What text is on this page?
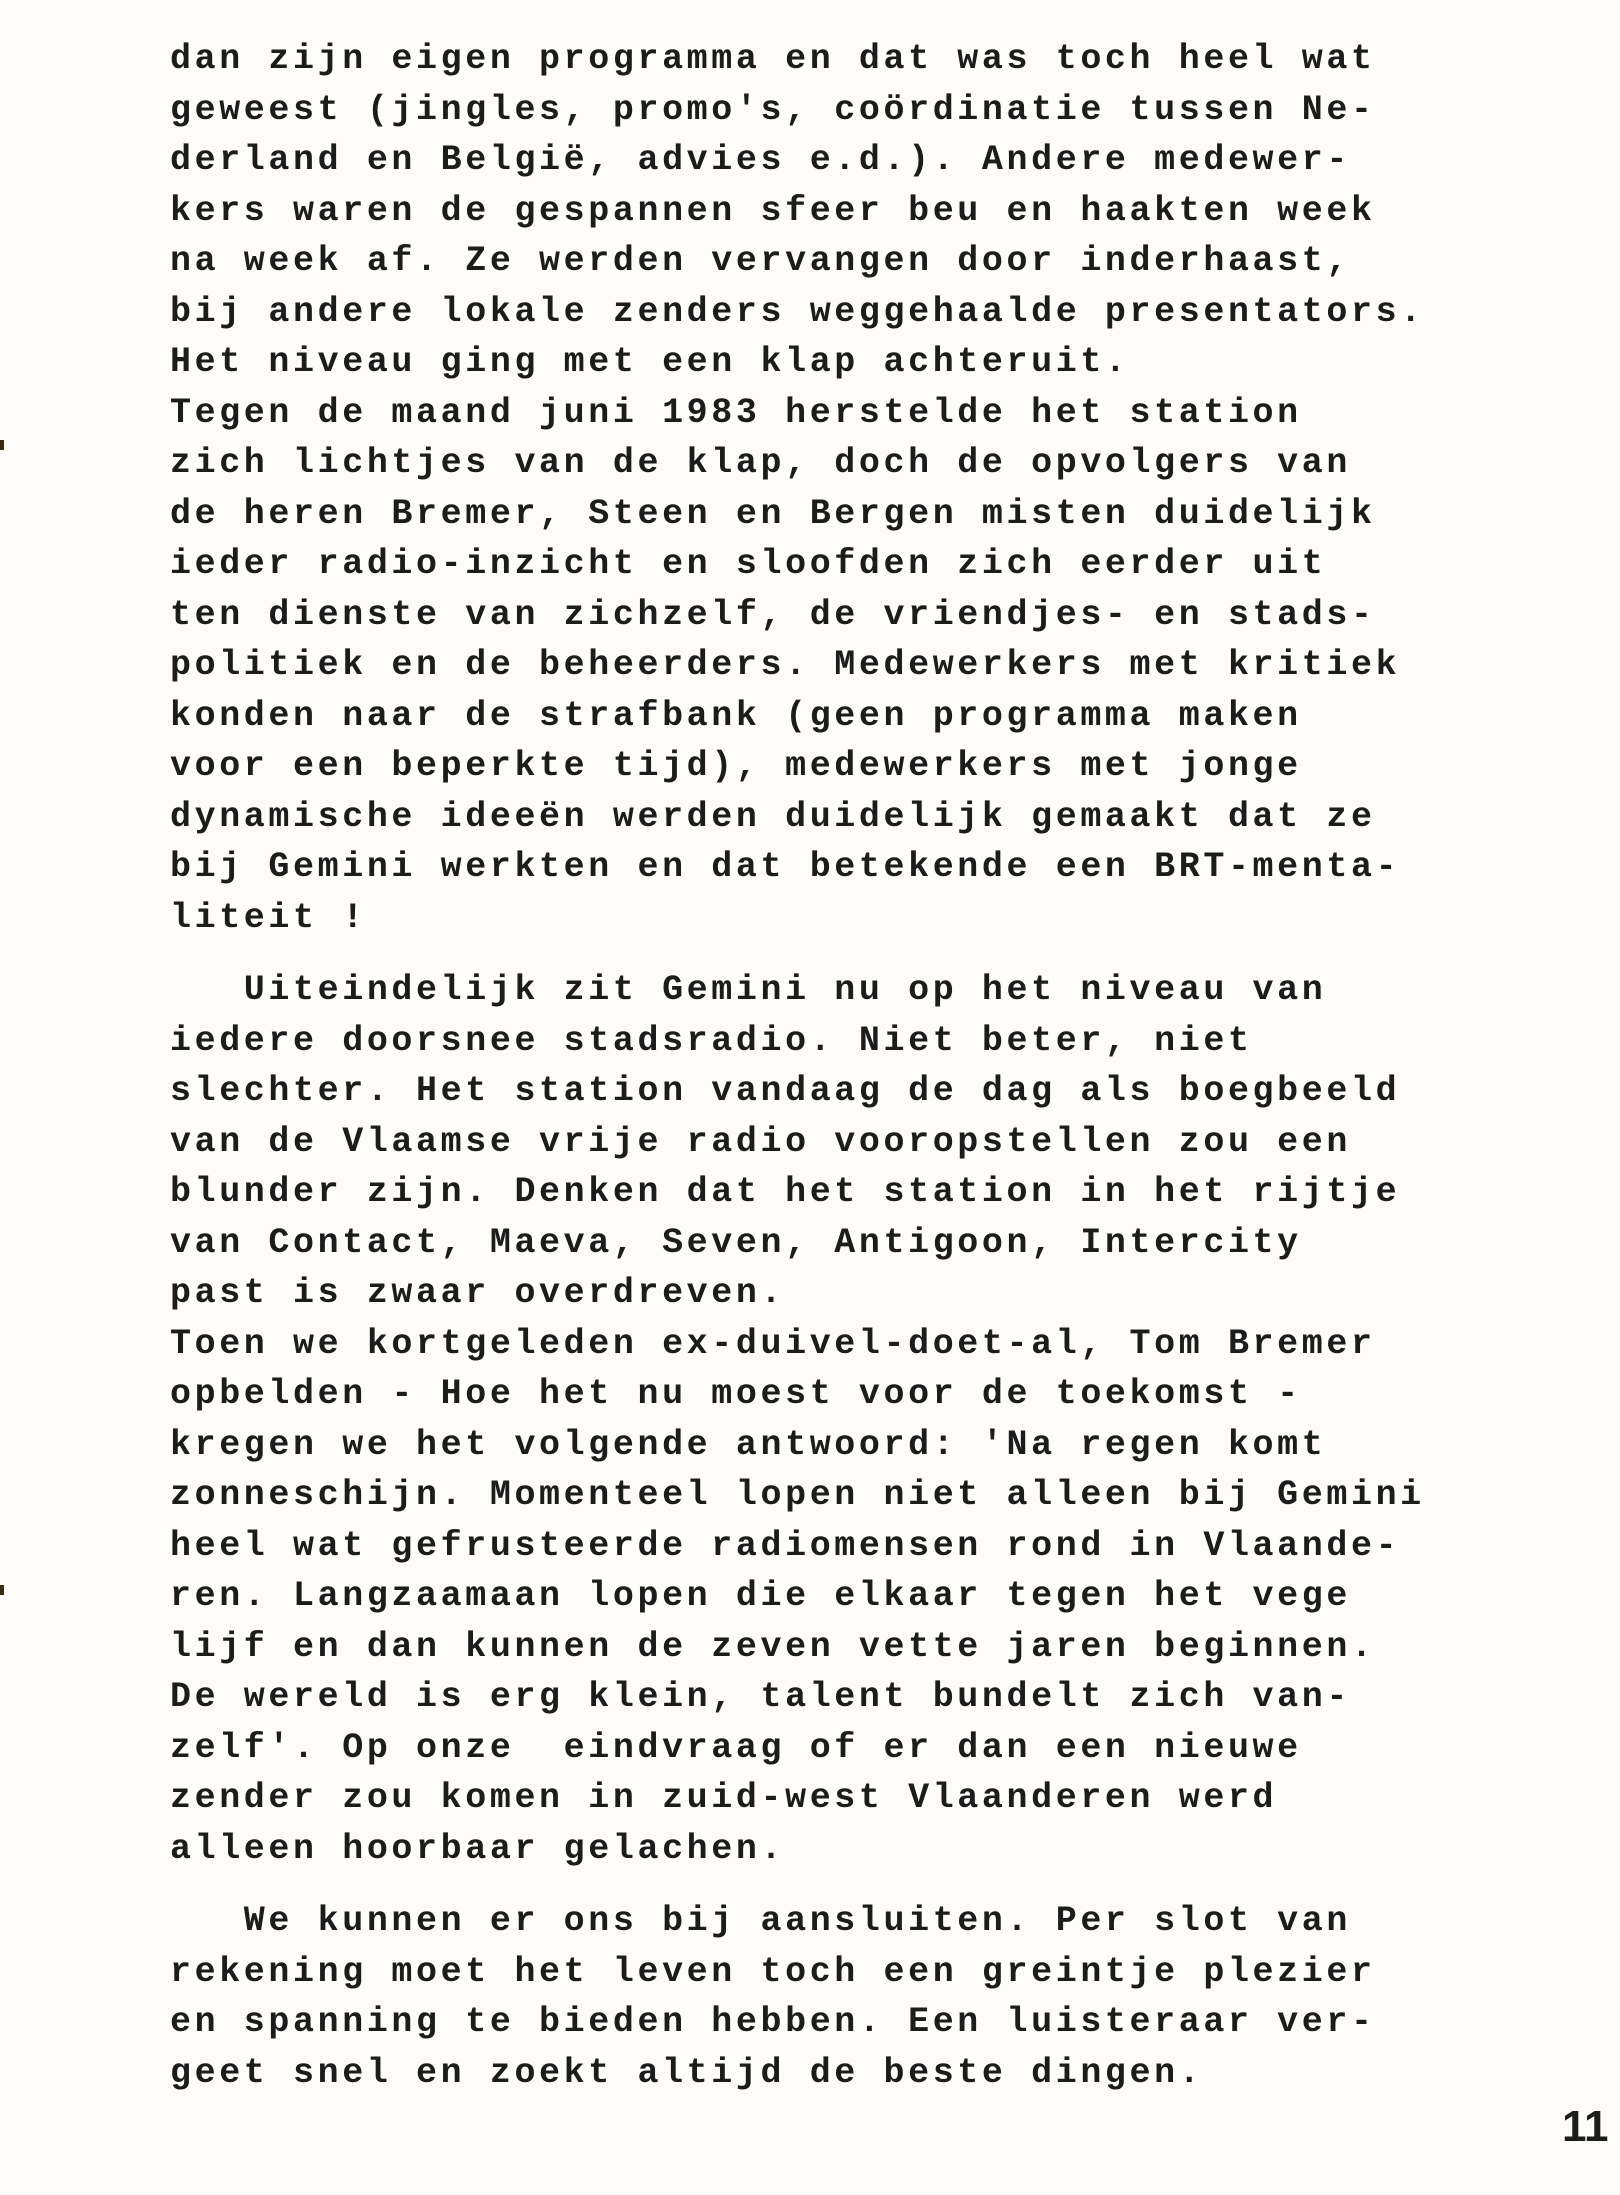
dan zijn eigen programma en dat was toch heel wat
geweest (jingles, promo's, coördinatie tussen Ne-
derland en België, advies e.d.). Andere medewer-
kers waren de gespannen sfeer beu en haakten week
na week af. Ze werden vervangen door inderhaast,
bij andere lokale zenders weggehaalde presentators.
Het niveau ging met een klap achteruit.
Tegen de maand juni 1983 herstelde het station
zich lichtjes van de klap, doch de opvolgers van
de heren Bremer, Steen en Bergen misten duidelijk
ieder radio-inzicht en sloofden zich eerder uit
ten dienste van zichzelf, de vriendjes- en stads-
politiek en de beheerders. Medewerkers met kritiek
konden naar de strafbank (geen programma maken
voor een beperkte tijd), medewerkers met jonge
dynamische ideeën werden duidelijk gemaakt dat ze
bij Gemini werkten en dat betekende een BRT-menta-
liteit !
Uiteindelijk zit Gemini nu op het niveau van
iedere doorsnee stadsradio. Niet beter, niet
slechter. Het station vandaag de dag als boegbeeld
van de Vlaamse vrije radio vooropstellen zou een
blunder zijn. Denken dat het station in het rijtje
van Contact, Maeva, Seven, Antigoon, Intercity
past is zwaar overdreven.
Toen we kortgeleden ex-duivel-doet-al, Tom Bremer
opbelden - Hoe het nu moest voor de toekomst -
kregen we het volgende antwoord: 'Na regen komt
zonneschijn. Momenteel lopen niet alleen bij Gemini
heel wat gefrusteerde radiomensen rond in Vlaande-
ren. Langzaamaan lopen die elkaar tegen het vege
lijf en dan kunnen de zeven vette jaren beginnen.
De wereld is erg klein, talent bundelt zich van-
zelf'. Op onze  eindvraag of er dan een nieuwe
zender zou komen in zuid-west Vlaanderen werd
alleen hoorbaar gelachen.
We kunnen er ons bij aansluiten. Per slot van
rekening moet het leven toch een greintje plezier
en spanning te bieden hebben. Een luisteraar ver-
geet snel en zoekt altijd de beste dingen.
11
